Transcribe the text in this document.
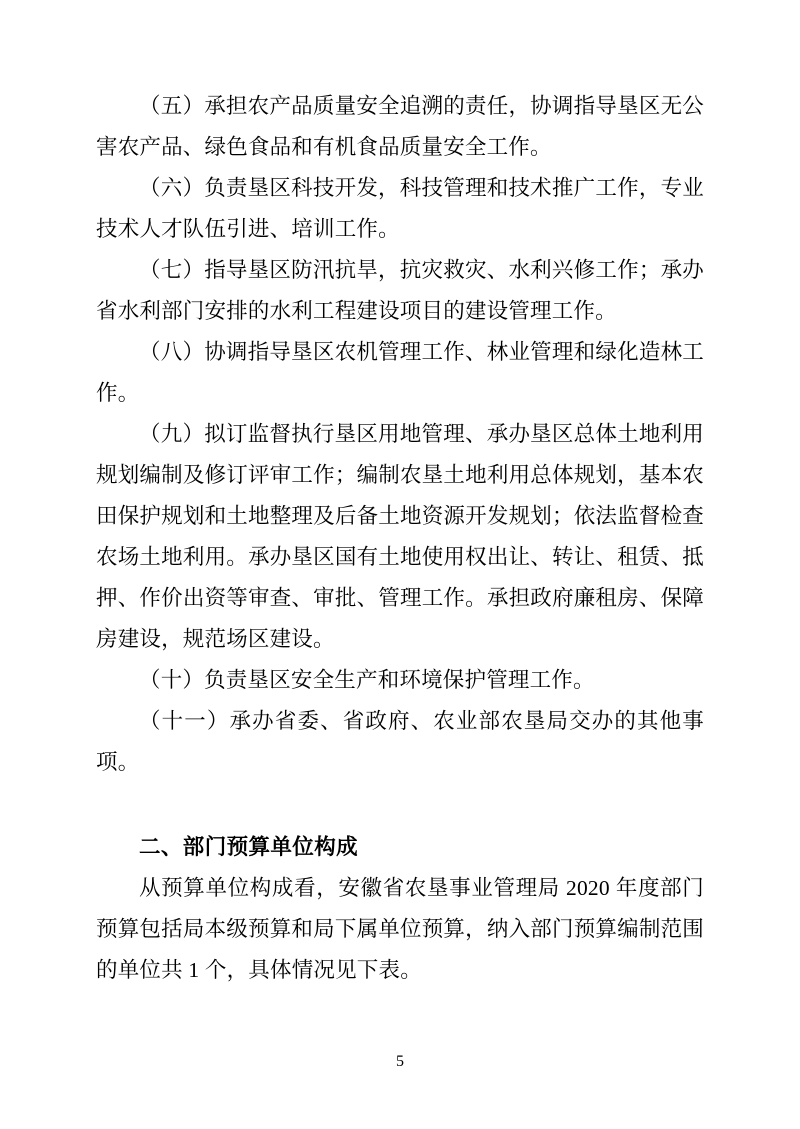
（五）承担农产品质量安全追溯的责任，协调指导垦区无公害农产品、绿色食品和有机食品质量安全工作。

（六）负责垦区科技开发，科技管理和技术推广工作，专业技术人才队伍引进、培训工作。

（七）指导垦区防汛抗旱，抗灾救灾、水利兴修工作；承办省水利部门安排的水利工程建设项目的建设管理工作。

（八）协调指导垦区农机管理工作、林业管理和绿化造林工作。

（九）拟订监督执行垦区用地管理、承办垦区总体土地利用规划编制及修订评审工作；编制农垦土地利用总体规划，基本农田保护规划和土地整理及后备土地资源开发规划；依法监督检查农场土地利用。承办垦区国有土地使用权出让、转让、租赁、抵押、作价出资等审查、审批、管理工作。承担政府廉租房、保障房建设，规范场区建设。

（十）负责垦区安全生产和环境保护管理工作。

（十一）承办省委、省政府、农业部农垦局交办的其他事项。

二、部门预算单位构成

从预算单位构成看，安徽省农垦事业管理局 2020 年度部门预算包括局本级预算和局下属单位预算，纳入部门预算编制范围的单位共 1 个，具体情况见下表。

5
